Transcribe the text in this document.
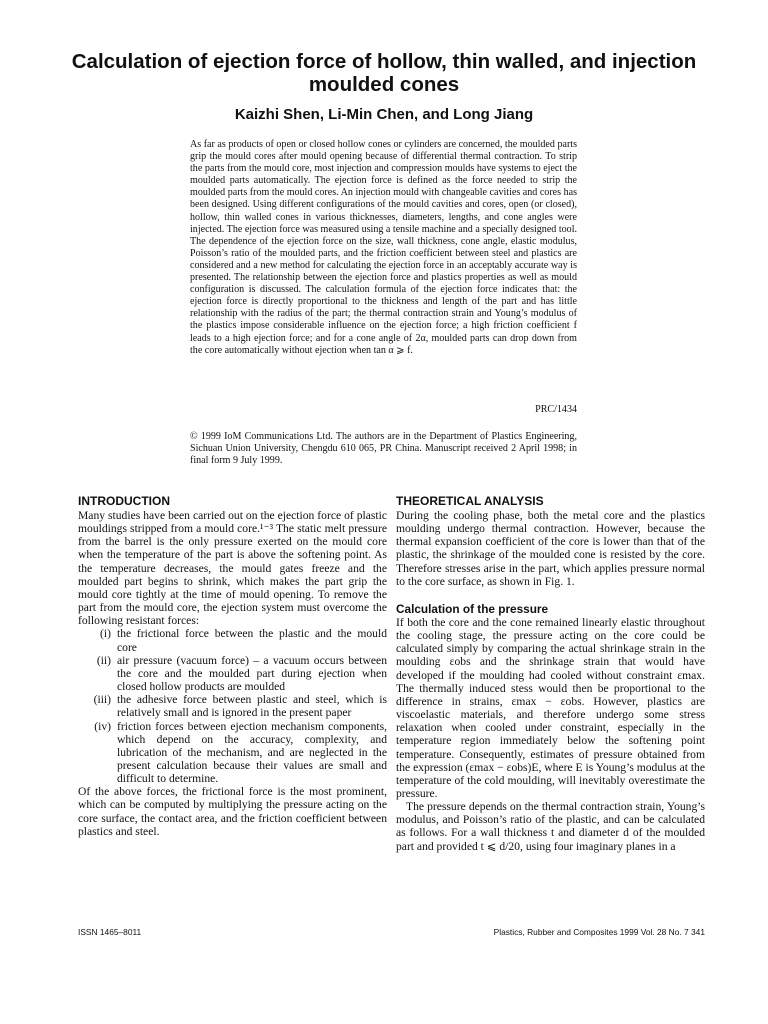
Calculation of ejection force of hollow, thin walled, and injection moulded cones

Kaizhi Shen, Li-Min Chen, and Long Jiang

As far as products of open or closed hollow cones or cylinders are concerned, the moulded parts grip the mould cores after mould opening because of differential thermal contraction. To strip the parts from the mould core, most injection and compression moulds have systems to eject the moulded parts automatically. The ejection force is defined as the force needed to strip the moulded parts from the mould cores. An injection mould with changeable cavities and cores has been designed. Using different configurations of the mould cavities and cores, open (or closed), hollow, thin walled cones in various thicknesses, diameters, lengths, and cone angles were injected. The ejection force was measured using a tensile machine and a specially designed tool. The dependence of the ejection force on the size, wall thickness, cone angle, elastic modulus, Poisson’s ratio of the moulded parts, and the friction coefficient between steel and plastics are considered and a new method for calculating the ejection force in an acceptably accurate way is presented. The relationship between the ejection force and plastics properties as well as mould configuration is discussed. The calculation formula of the ejection force indicates that: the ejection force is directly proportional to the thickness and length of the part and has little relationship with the radius of the part; the thermal contraction strain and Young’s modulus of the plastics impose considerable influence on the ejection force; a high friction coefficient f leads to a high ejection force; and for a cone angle of 2α, moulded parts can drop down from the core automatically without ejection when tan α ⩾ f.

PRC/1434

© 1999 IoM Communications Ltd. The authors are in the Department of Plastics Engineering, Sichuan Union University, Chengdu 610 065, PR China. Manuscript received 2 April 1998; in final form 9 July 1999.

INTRODUCTION

Many studies have been carried out on the ejection force of plastic mouldings stripped from a mould core.¹⁻³ The static melt pressure from the barrel is the only pressure exerted on the mould core when the temperature of the part is above the softening point. As the temperature decreases, the mould gates freeze and the moulded part begins to shrink, which makes the part grip the mould core tightly at the time of mould opening. To remove the part from the mould core, the ejection system must overcome the following resistant forces:

(i) the frictional force between the plastic and the mould core
(ii) air pressure (vacuum force) – a vacuum occurs between the core and the moulded part during ejection when closed hollow products are moulded
(iii) the adhesive force between plastic and steel, which is relatively small and is ignored in the present paper
(iv) friction forces between ejection mechanism components, which depend on the accuracy, complexity, and lubrication of the mechanism, and are neglected in the present calculation because their values are small and difficult to determine.

Of the above forces, the frictional force is the most prominent, which can be computed by multiplying the pressure acting on the core surface, the contact area, and the friction coefficient between plastics and steel.

THEORETICAL ANALYSIS

During the cooling phase, both the metal core and the plastics moulding undergo thermal contraction. However, because the thermal expansion coefficient of the core is lower than that of the plastic, the shrinkage of the moulded cone is resisted by the core. Therefore stresses arise in the part, which applies pressure normal to the core surface, as shown in Fig. 1.

Calculation of the pressure

If both the core and the cone remained linearly elastic throughout the cooling stage, the pressure acting on the core could be calculated simply by comparing the actual shrinkage strain in the moulding εobs and the shrinkage strain that would have developed if the moulding had cooled without constraint εmax. The thermally induced stess would then be proportional to the difference in strains, εmax − εobs. However, plastics are viscoelastic materials, and therefore undergo some stress relaxation when cooled under constraint, especially in the temperature region immediately below the softening point temperature. Consequently, estimates of pressure obtained from the expression (εmax − εobs)E, where E is Young’s modulus at the temperature of the cold moulding, will inevitably overestimate the pressure.

The pressure depends on the thermal contraction strain, Young’s modulus, and Poisson’s ratio of the plastic, and can be calculated as follows. For a wall thickness t and diameter d of the moulded part and provided t ⩽ d/20, using four imaginary planes in a

ISSN 1465–8011	Plastics, Rubber and Composites 1999 Vol. 28 No. 7 341
